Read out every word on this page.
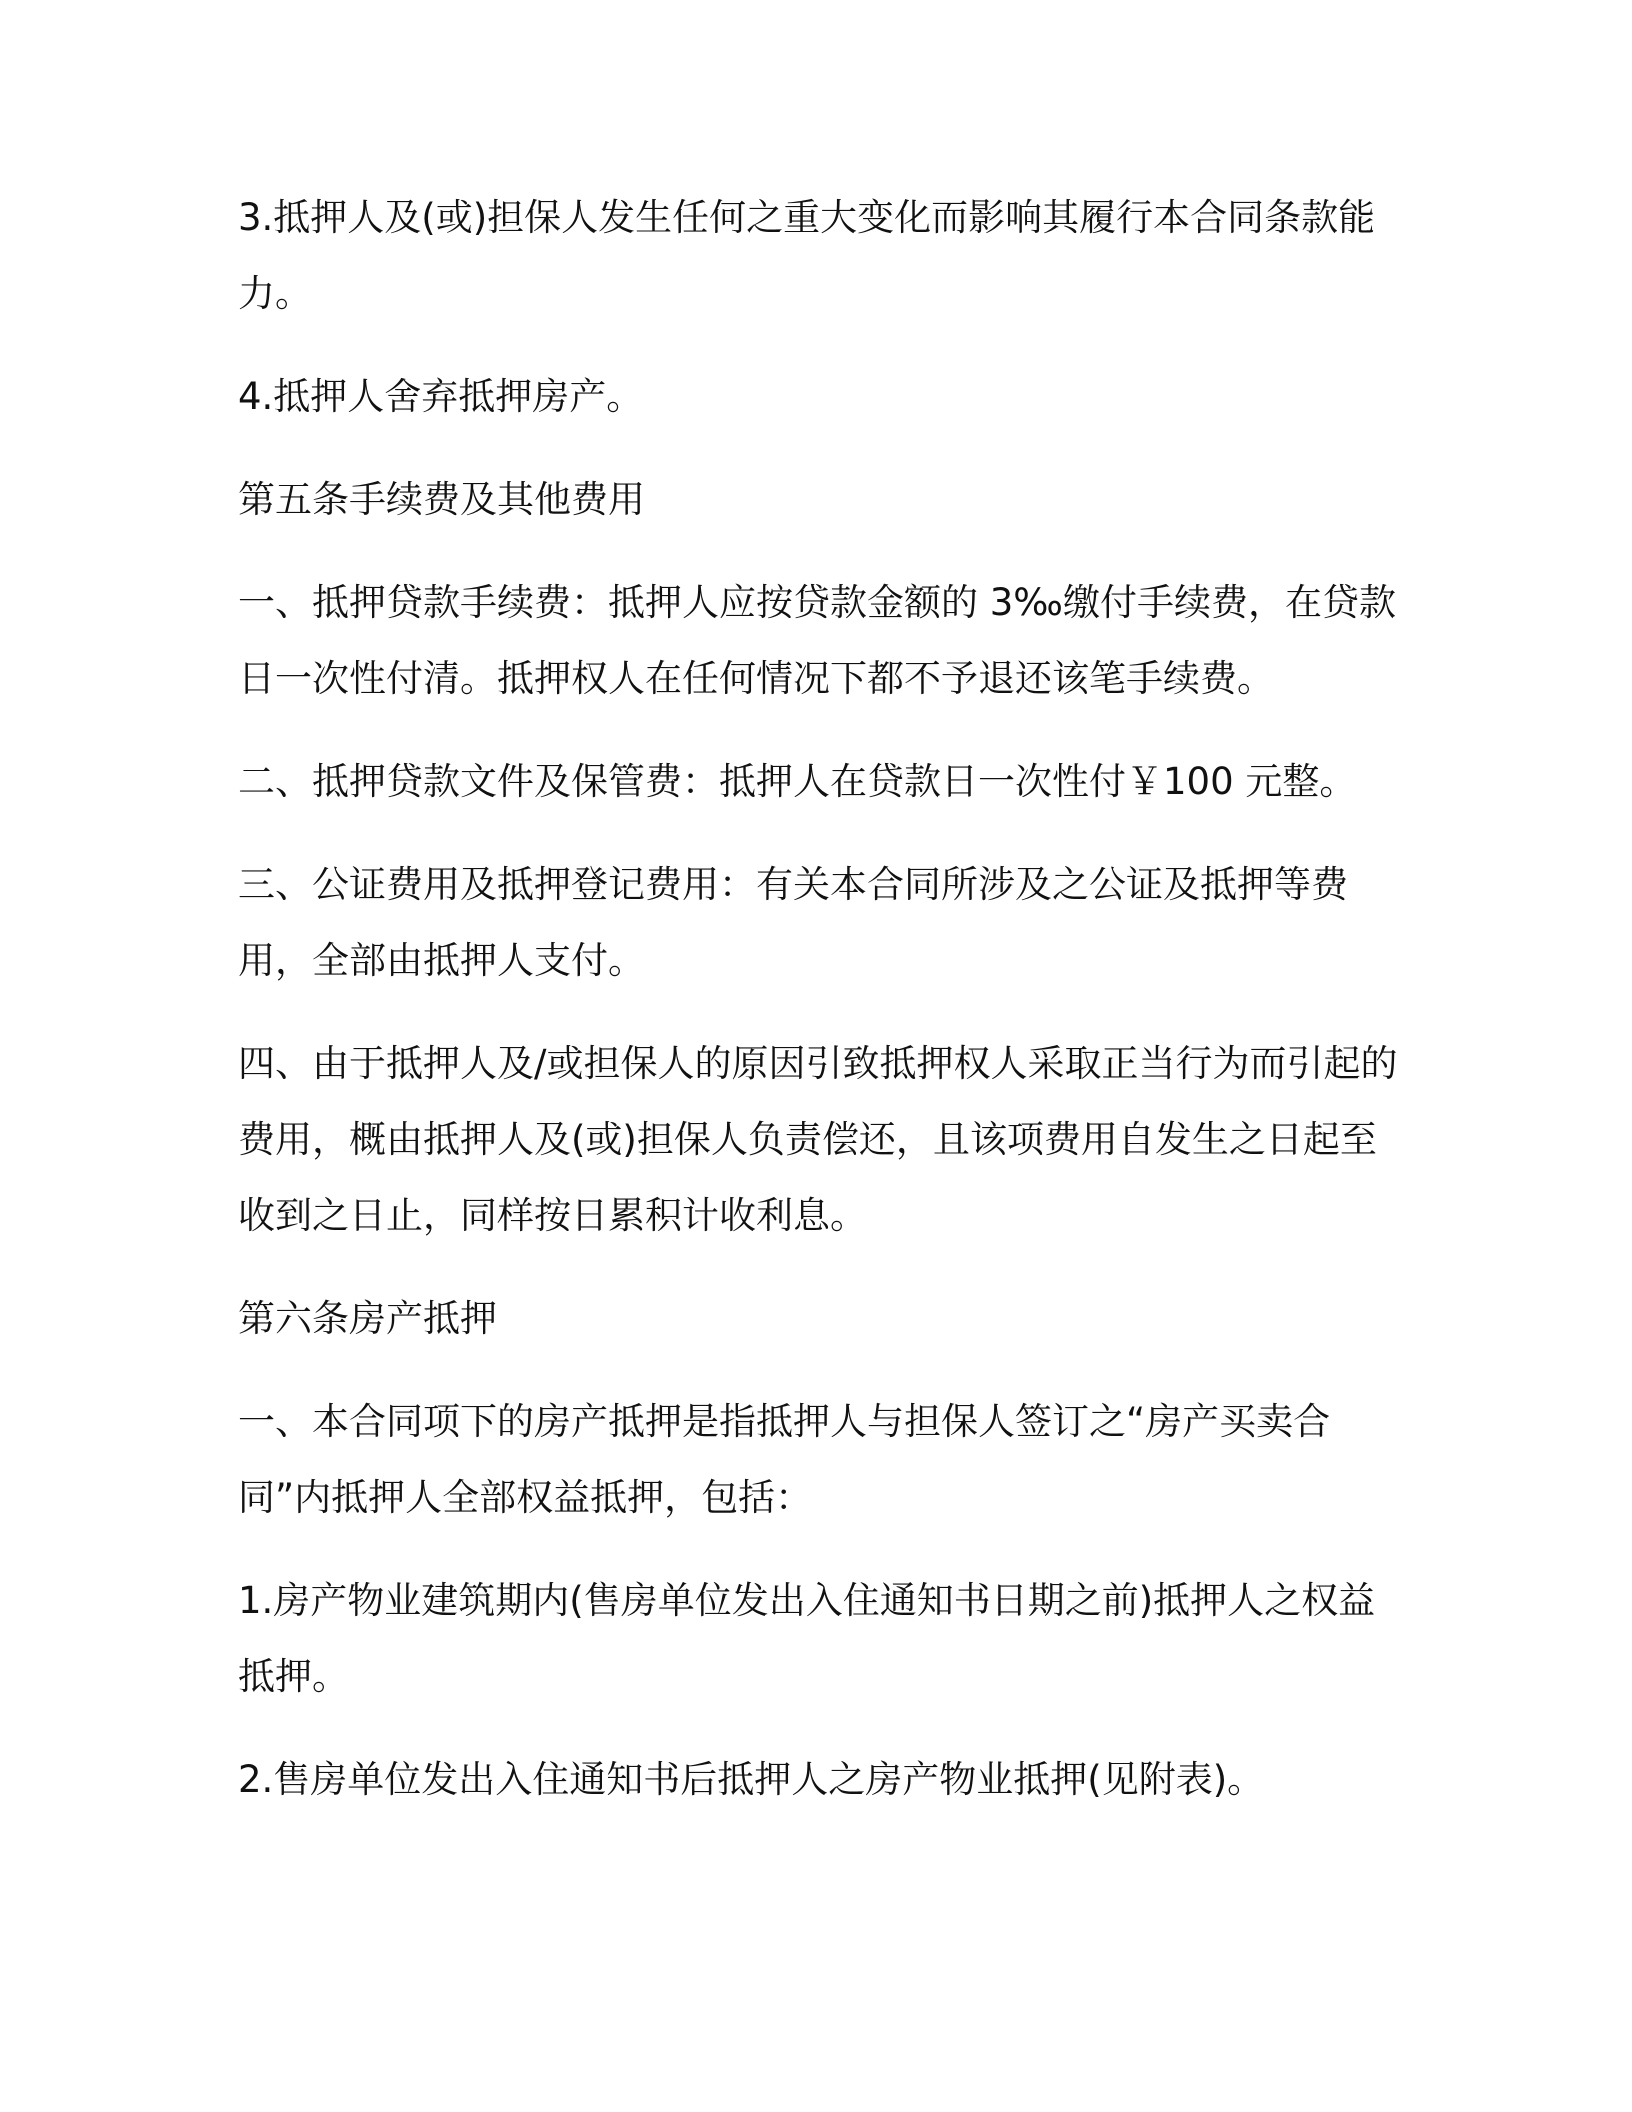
3.抵押人及(或)担保人发生任何之重大变化而影响其履行本合同条款能力。

4.抵押人舍弃抵押房产。

第五条手续费及其他费用

一、抵押贷款手续费：抵押人应按贷款金额的 3‰缴付手续费，在贷款日一次性付清。抵押权人在任何情况下都不予退还该笔手续费。

二、抵押贷款文件及保管费：抵押人在贷款日一次性付￥100 元整。

三、公证费用及抵押登记费用：有关本合同所涉及之公证及抵押等费用，全部由抵押人支付。

四、由于抵押人及/或担保人的原因引致抵押权人采取正当行为而引起的费用，概由抵押人及(或)担保人负责偿还，且该项费用自发生之日起至收到之日止，同样按日累积计收利息。

第六条房产抵押

一、本合同项下的房产抵押是指抵押人与担保人签订之“房产买卖合同”内抵押人全部权益抵押，包括：

1.房产物业建筑期内(售房单位发出入住通知书日期之前)抵押人之权益抵押。

2.售房单位发出入住通知书后抵押人之房产物业抵押(见附表)。
